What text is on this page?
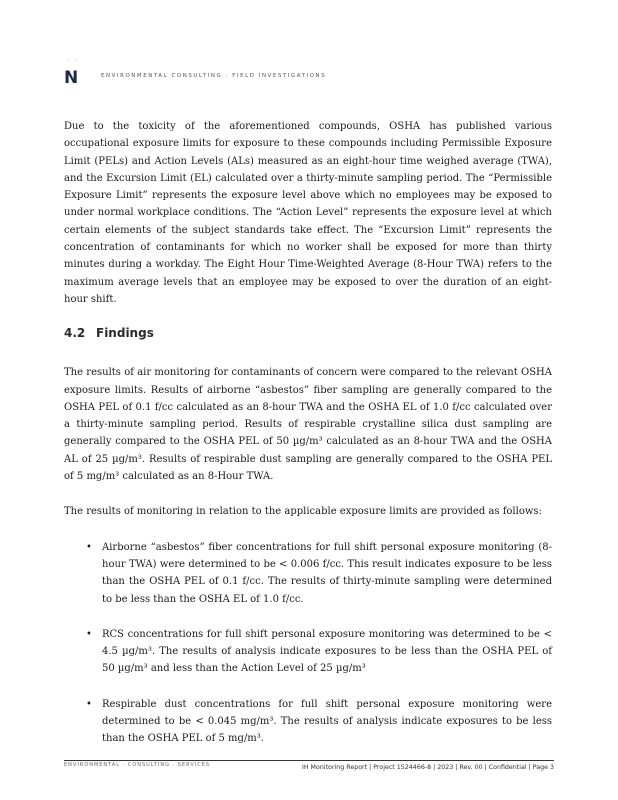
· ·
N	ENVIRONMENTAL CONSULTING · FIELD INVESTIGATIONS

Due to the toxicity of the aforementioned compounds, OSHA has published various occupational exposure limits for exposure to these compounds including Permissible Exposure Limit (PELs) and Action Levels (ALs) measured as an eight-hour time weighed average (TWA), and the Excursion Limit (EL) calculated over a thirty-minute sampling period. The “Permissible Exposure Limit” represents the exposure level above which no employees may be exposed to under normal workplace conditions. The “Action Level” represents the exposure level at which certain elements of the subject standards take effect. The “Excursion Limit” represents the concentration of contaminants for which no worker shall be exposed for more than thirty minutes during a workday. The Eight Hour Time-Weighted Average (8-Hour TWA) refers to the maximum average levels that an employee may be exposed to over the duration of an eight-hour shift.

4.2 Findings

The results of air monitoring for contaminants of concern were compared to the relevant OSHA exposure limits. Results of airborne “asbestos” fiber sampling are generally compared to the OSHA PEL of 0.1 f/cc calculated as an 8-hour TWA and the OSHA EL of 1.0 f/cc calculated over a thirty-minute sampling period. Results of respirable crystalline silica dust sampling are generally compared to the OSHA PEL of 50 µg/m³ calculated as an 8-hour TWA and the OSHA AL of 25 µg/m³. Results of respirable dust sampling are generally compared to the OSHA PEL of 5 mg/m³ calculated as an 8-Hour TWA.

The results of monitoring in relation to the applicable exposure limits are provided as follows:

• Airborne “asbestos” fiber concentrations for full shift personal exposure monitoring (8-hour TWA) were determined to be < 0.006 f/cc. This result indicates exposure to be less than the OSHA PEL of 0.1 f/cc. The results of thirty-minute sampling were determined to be less than the OSHA EL of 1.0 f/cc.
• RCS concentrations for full shift personal exposure monitoring was determined to be < 4.5 µg/m³. The results of analysis indicate exposures to be less than the OSHA PEL of 50 µg/m³ and less than the Action Level of 25 µg/m³
• Respirable dust concentrations for full shift personal exposure monitoring were determined to be < 0.045 mg/m³. The results of analysis indicate exposures to be less than the OSHA PEL of 5 mg/m³.
ENVIRONMENTAL · CONSULTING · SERVICES	IH Monitoring Report | Project 1524466-8 | 2023 | Rev. 00 | Confidential | Page 3
